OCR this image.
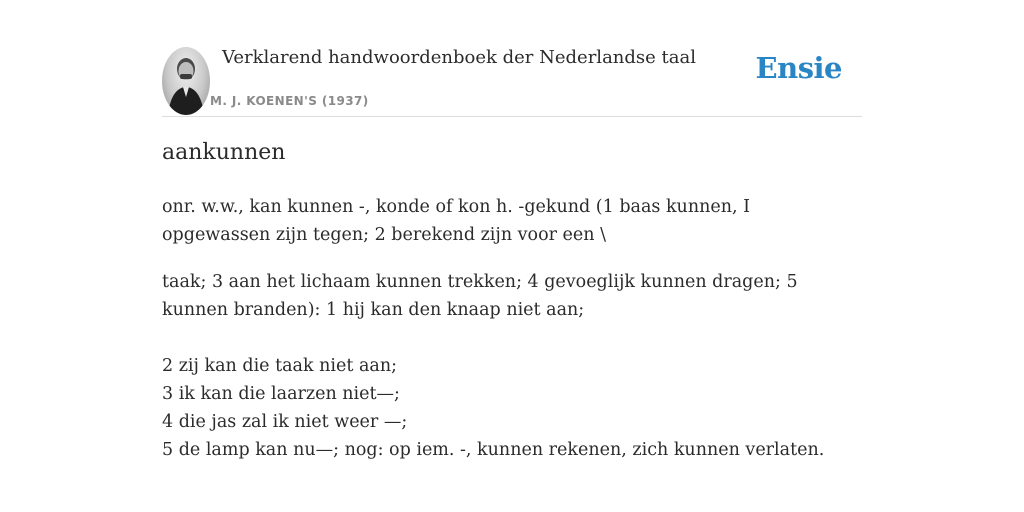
Verklarend handwoordenboek der Nederlandse taal
M. J. KOENEN'S (1937)
Ensie
aankunnen

onr. w.w., kan kunnen -, konde of kon h. -gekund (1 baas kunnen, I opgewassen zijn tegen; 2 berekend zijn voor een \

taak; 3 aan het lichaam kunnen trekken; 4 gevoeglijk kunnen dragen; 5 kunnen branden): 1 hij kan den knaap niet aan;

2 zij kan die taak niet aan;
3 ik kan die laarzen niet—;
4 die jas zal ik niet weer —;
5 de lamp kan nu—; nog: op iem. -, kunnen rekenen, zich kunnen verlaten.
